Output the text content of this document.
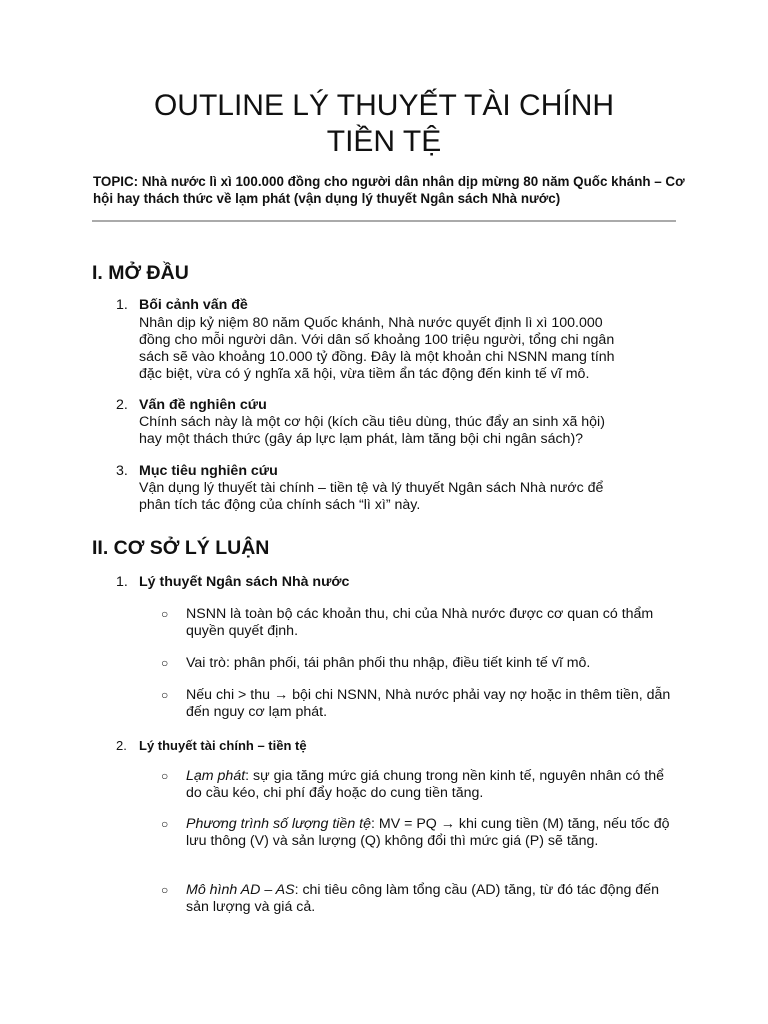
OUTLINE LÝ THUYẾT TÀI CHÍNH
TIỀN TỆ
TOPIC: Nhà nước lì xì 100.000 đồng cho người dân nhân dịp mừng 80 năm Quốc khánh – Cơ hội hay thách thức về lạm phát (vận dụng lý thuyết Ngân sách Nhà nước)
I. MỞ ĐẦU
1. Bối cảnh vấn đề
Nhân dịp kỷ niệm 80 năm Quốc khánh, Nhà nước quyết định lì xì 100.000
đồng cho mỗi người dân. Với dân số khoảng 100 triệu người, tổng chi ngân
sách sẽ vào khoảng 10.000 tỷ đồng. Đây là một khoản chi NSNN mang tính
đặc biệt, vừa có ý nghĩa xã hội, vừa tiềm ẩn tác động đến kinh tế vĩ mô.
2. Vấn đề nghiên cứu
Chính sách này là một cơ hội (kích cầu tiêu dùng, thúc đẩy an sinh xã hội)
hay một thách thức (gây áp lực lạm phát, làm tăng bội chi ngân sách)?
3. Mục tiêu nghiên cứu
Vận dụng lý thuyết tài chính – tiền tệ và lý thuyết Ngân sách Nhà nước để
phân tích tác động của chính sách “lì xì” này.
II. CƠ SỞ LÝ LUẬN
1. Lý thuyết Ngân sách Nhà nước
○ NSNN là toàn bộ các khoản thu, chi của Nhà nước được cơ quan có thẩm quyền quyết định.
○ Vai trò: phân phối, tái phân phối thu nhập, điều tiết kinh tế vĩ mô.
○ Nếu chi > thu → bội chi NSNN, Nhà nước phải vay nợ hoặc in thêm tiền, dẫn đến nguy cơ lạm phát.
2. Lý thuyết tài chính – tiền tệ
○ Lạm phát: sự gia tăng mức giá chung trong nền kinh tế, nguyên nhân có thể do cầu kéo, chi phí đẩy hoặc do cung tiền tăng.
○ Phương trình số lượng tiền tệ: MV = PQ → khi cung tiền (M) tăng, nếu tốc độ lưu thông (V) và sản lượng (Q) không đổi thì mức giá (P) sẽ tăng.
○ Mô hình AD – AS: chi tiêu công làm tổng cầu (AD) tăng, từ đó tác động đến sản lượng và giá cả.
